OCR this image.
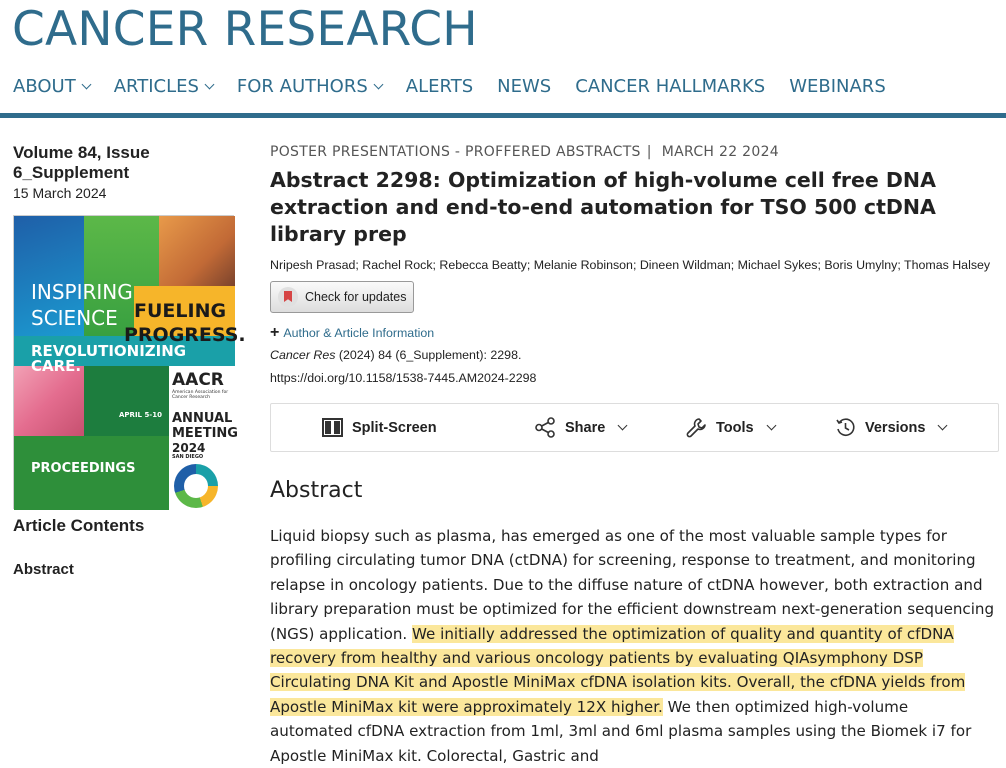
CANCER RESEARCH
ABOUT ARTICLES FOR AUTHORS ALERTS NEWS CANCER HALLMARKS WEBINARS
Volume 84, Issue 6_Supplement
15 March 2024
INSPIRING
SCIENCE FUELING
PROGRESS.
REVOLUTIONIZING CARE.
APRIL 5-10
AACR
American Association for Cancer Research
ANNUAL
MEETING
2024
SAN DIEGO
PROCEEDINGS
Article Contents
Abstract
POSTER PRESENTATIONS - PROFFERED ABSTRACTS | MARCH 22 2024
Abstract 2298: Optimization of high-volume cell free DNA extraction and end-to-end automation for TSO 500 ctDNA library prep
Nripesh Prasad; Rachel Rock; Rebecca Beatty; Melanie Robinson; Dineen Wildman; Michael Sykes; Boris Umylny; Thomas Halsey
Check for updates
+ Author & Article Information
Cancer Res (2024) 84 (6_Supplement): 2298.
https://doi.org/10.1158/1538-7445.AM2024-2298
Split-Screen	Share	Tools	Versions
Abstract
Liquid biopsy such as plasma, has emerged as one of the most valuable sample types for profiling circulating tumor DNA (ctDNA) for screening, response to treatment, and monitoring relapse in oncology patients. Due to the diffuse nature of ctDNA however, both extraction and library preparation must be optimized for the efficient downstream next-generation sequencing (NGS) application. We initially addressed the optimization of quality and quantity of cfDNA recovery from healthy and various oncology patients by evaluating QIAsymphony DSP Circulating DNA Kit and Apostle MiniMax cfDNA isolation kits. Overall, the cfDNA yields from Apostle MiniMax kit were approximately 12X higher. We then optimized high-volume automated cfDNA extraction from 1ml, 3ml and 6ml plasma samples using the Biomek i7 for Apostle MiniMax kit. Colorectal, Gastric and
